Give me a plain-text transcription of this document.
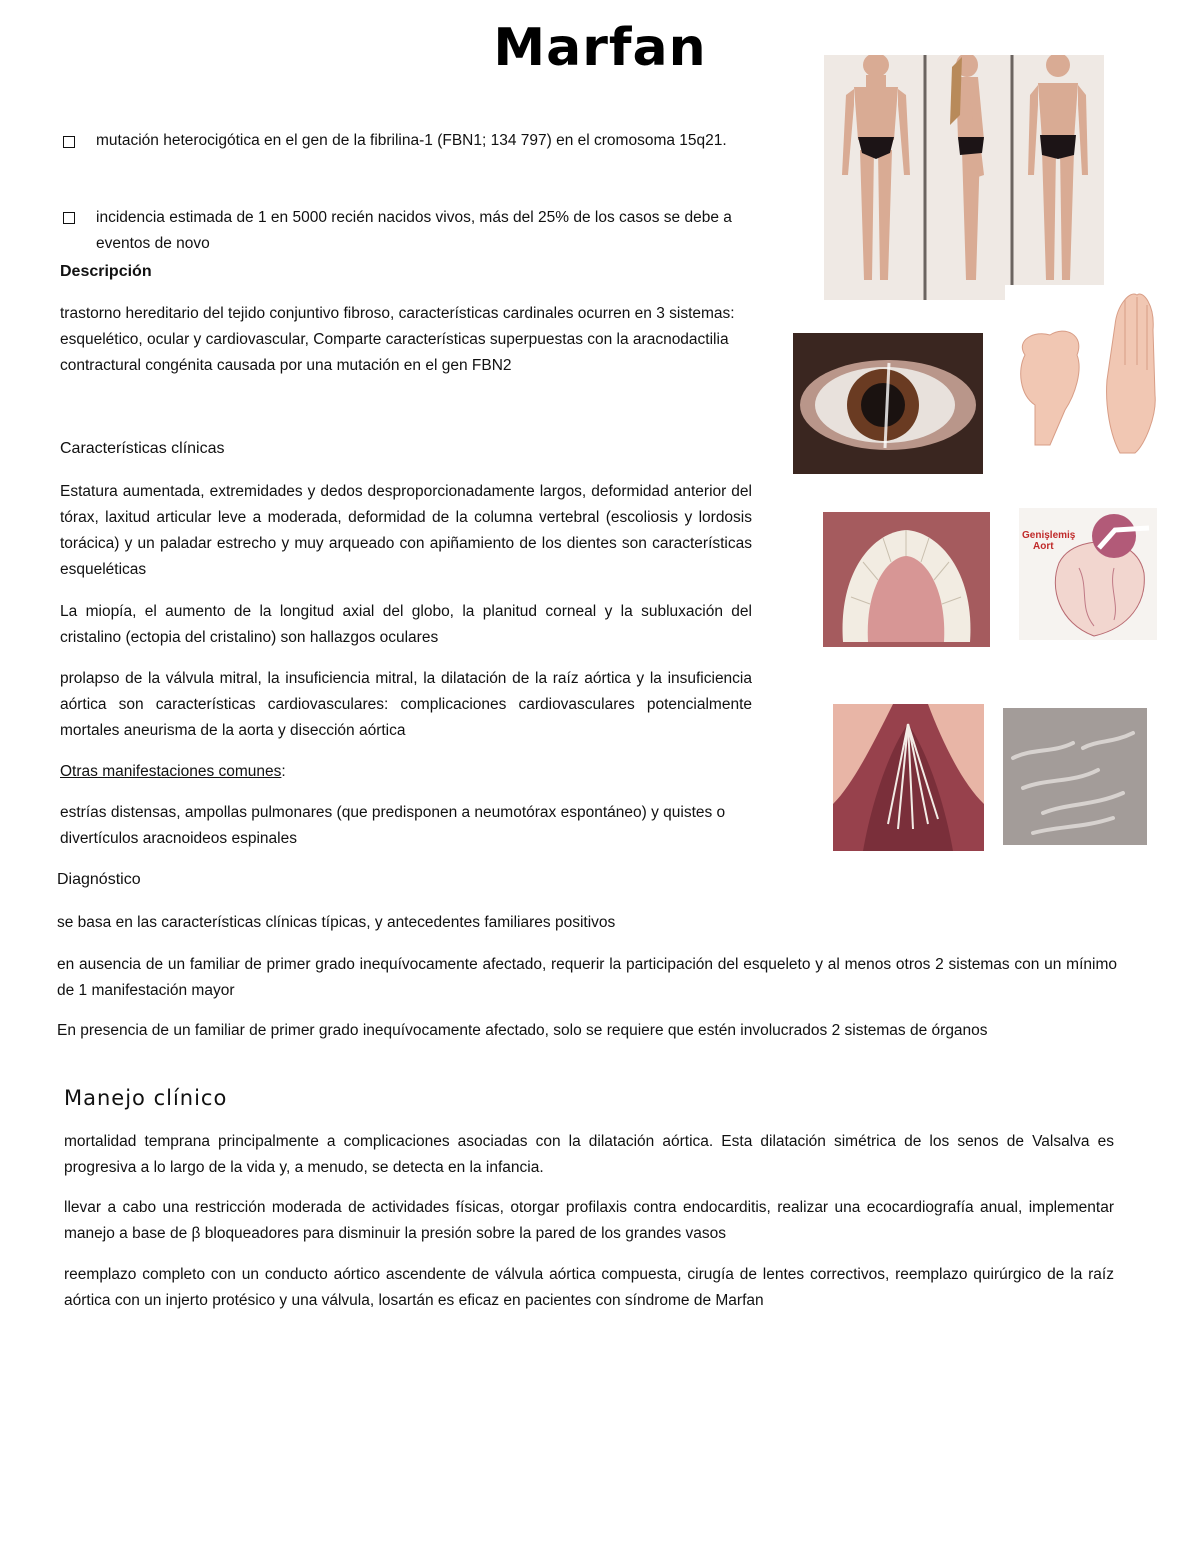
Marfan
mutación heterocigótica en el gen de la fibrilina-1 (FBN1; 134 797) en el cromosoma 15q21.
incidencia estimada de 1 en 5000 recién nacidos vivos, más del 25% de los casos se debe a eventos de novo
Descripción
trastorno hereditario del tejido conjuntivo fibroso, características cardinales ocurren en 3 sistemas: esquelético, ocular y cardiovascular, Comparte características superpuestas con la aracnodactilia contractural congénita causada por una mutación en el gen FBN2
Características clínicas
Estatura aumentada, extremidades y dedos desproporcionadamente largos, deformidad anterior del tórax, laxitud articular leve a moderada, deformidad de la columna vertebral (escoliosis y lordosis torácica) y un paladar estrecho y muy arqueado con apiñamiento de los dientes son características esqueléticas
La miopía, el aumento de la longitud axial del globo, la planitud corneal y la subluxación del cristalino (ectopia del cristalino) son hallazgos oculares
prolapso de la válvula mitral, la insuficiencia mitral, la dilatación de la raíz aórtica y la insuficiencia aórtica son características cardiovasculares: complicaciones cardiovasculares potencialmente mortales aneurisma de la aorta y disección aórtica
Otras manifestaciones comunes:
estrías distensas, ampollas pulmonares (que predisponen a neumotórax espontáneo) y quistes o divertículos aracnoideos espinales
Diagnóstico
se basa en las características clínicas típicas, y antecedentes familiares positivos
en ausencia de un familiar de primer grado inequívocamente afectado, requerir la participación del esqueleto y al menos otros 2 sistemas con un mínimo de 1 manifestación mayor
En presencia de un familiar de primer grado inequívocamente afectado, solo se requiere que estén involucrados 2 sistemas de órganos
Manejo clínico
mortalidad temprana principalmente a complicaciones asociadas con la dilatación aórtica. Esta dilatación simétrica de los senos de Valsalva es progresiva a lo largo de la vida y, a menudo, se detecta en la infancia.
llevar a cabo una restricción moderada de actividades físicas, otorgar profilaxis contra endocarditis, realizar una ecocardiografía anual, implementar manejo a base de β bloqueadores para disminuir la presión sobre la pared de los grandes vasos
reemplazo completo con un conducto aórtico ascendente de válvula aórtica compuesta, cirugía de lentes correctivos, reemplazo quirúrgico de la raíz aórtica con un injerto protésico y una válvula, losartán es eficaz en pacientes con síndrome de Marfan
Genişlemiş Aort
